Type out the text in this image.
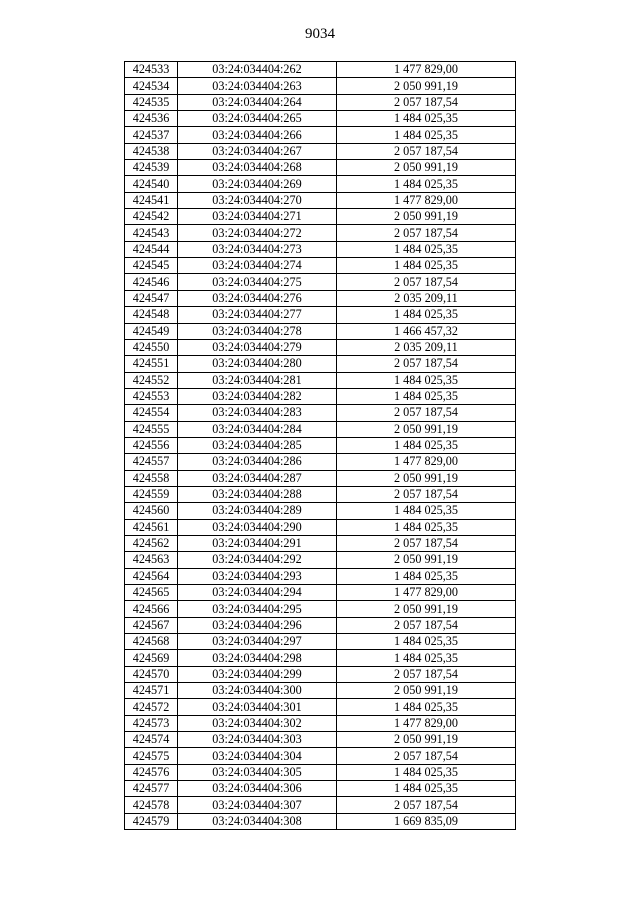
9034
424533	03:24:034404:262	1 477 829,00
424534	03:24:034404:263	2 050 991,19
424535	03:24:034404:264	2 057 187,54
424536	03:24:034404:265	1 484 025,35
424537	03:24:034404:266	1 484 025,35
424538	03:24:034404:267	2 057 187,54
424539	03:24:034404:268	2 050 991,19
424540	03:24:034404:269	1 484 025,35
424541	03:24:034404:270	1 477 829,00
424542	03:24:034404:271	2 050 991,19
424543	03:24:034404:272	2 057 187,54
424544	03:24:034404:273	1 484 025,35
424545	03:24:034404:274	1 484 025,35
424546	03:24:034404:275	2 057 187,54
424547	03:24:034404:276	2 035 209,11
424548	03:24:034404:277	1 484 025,35
424549	03:24:034404:278	1 466 457,32
424550	03:24:034404:279	2 035 209,11
424551	03:24:034404:280	2 057 187,54
424552	03:24:034404:281	1 484 025,35
424553	03:24:034404:282	1 484 025,35
424554	03:24:034404:283	2 057 187,54
424555	03:24:034404:284	2 050 991,19
424556	03:24:034404:285	1 484 025,35
424557	03:24:034404:286	1 477 829,00
424558	03:24:034404:287	2 050 991,19
424559	03:24:034404:288	2 057 187,54
424560	03:24:034404:289	1 484 025,35
424561	03:24:034404:290	1 484 025,35
424562	03:24:034404:291	2 057 187,54
424563	03:24:034404:292	2 050 991,19
424564	03:24:034404:293	1 484 025,35
424565	03:24:034404:294	1 477 829,00
424566	03:24:034404:295	2 050 991,19
424567	03:24:034404:296	2 057 187,54
424568	03:24:034404:297	1 484 025,35
424569	03:24:034404:298	1 484 025,35
424570	03:24:034404:299	2 057 187,54
424571	03:24:034404:300	2 050 991,19
424572	03:24:034404:301	1 484 025,35
424573	03:24:034404:302	1 477 829,00
424574	03:24:034404:303	2 050 991,19
424575	03:24:034404:304	2 057 187,54
424576	03:24:034404:305	1 484 025,35
424577	03:24:034404:306	1 484 025,35
424578	03:24:034404:307	2 057 187,54
424579	03:24:034404:308	1 669 835,09
